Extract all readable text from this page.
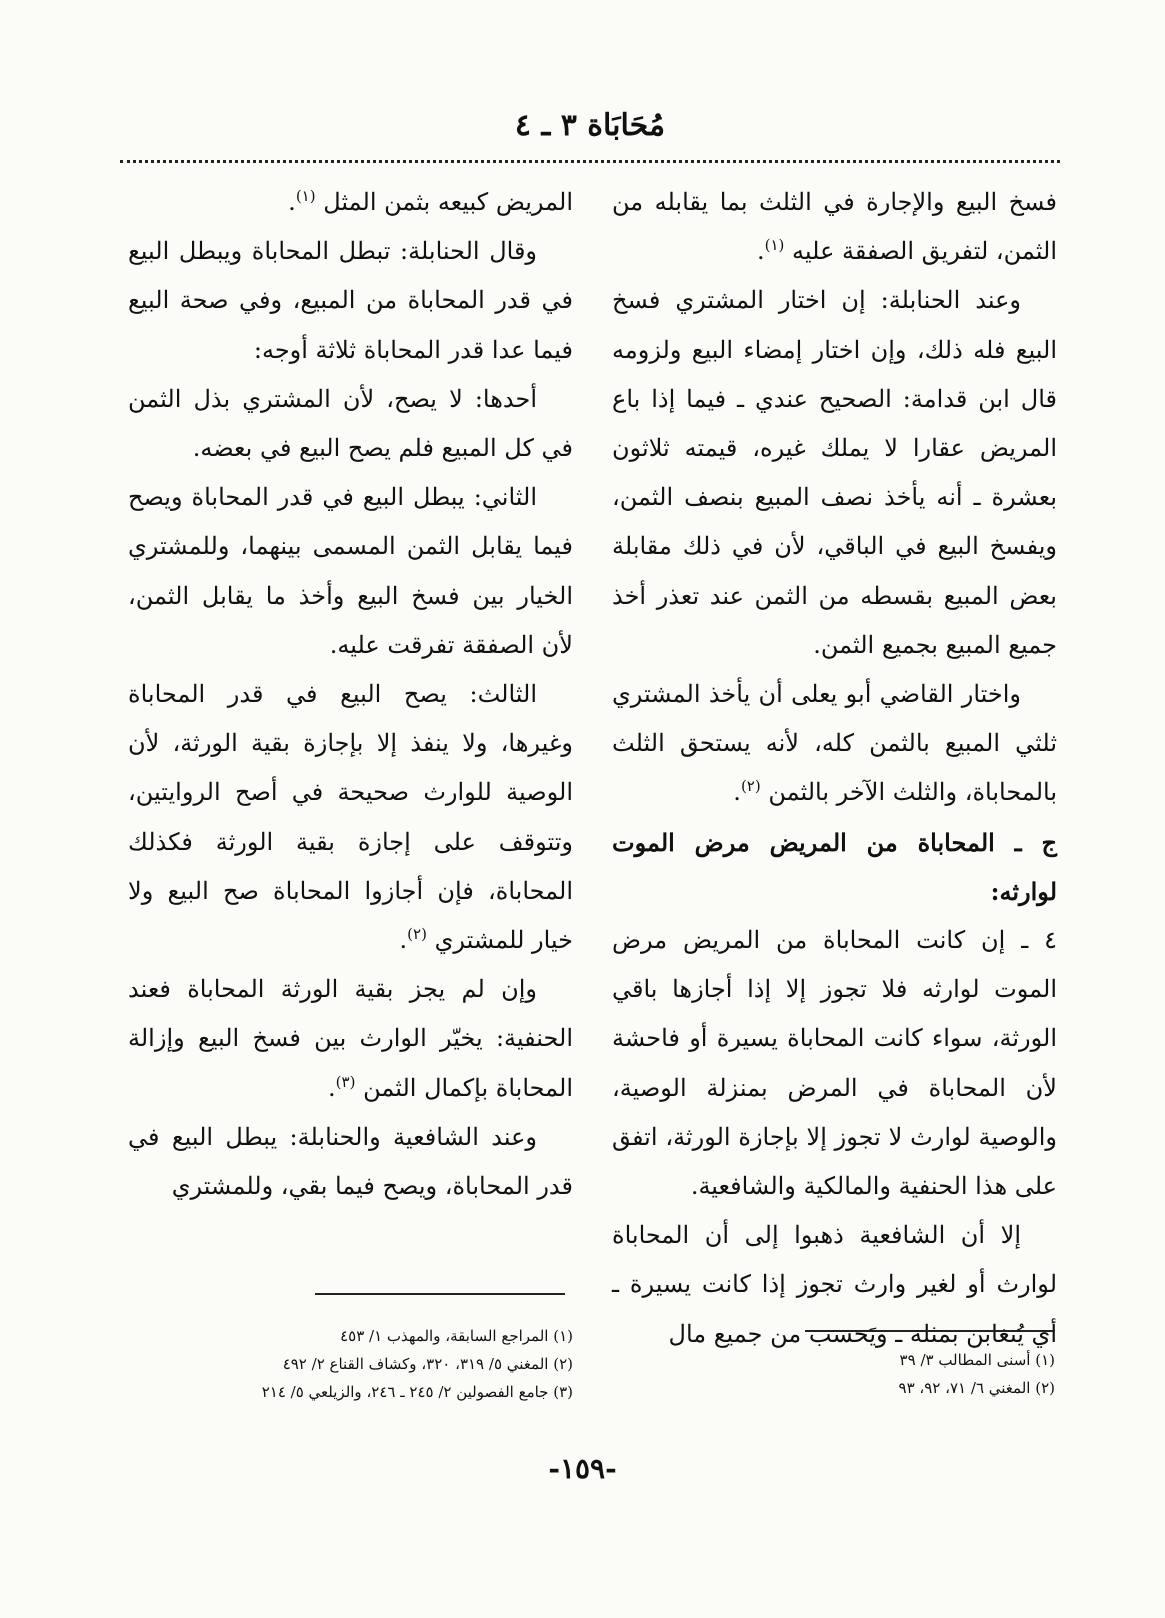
مُحَابَاة ٣ ـ ٤

فسخ البيع والإجارة في الثلث بما يقابله من الثمن، لتفريق الصفقة عليه $^{(١)}$.

وعند الحنابلة: إن اختار المشتري فسخ البيع فله ذلك، وإن اختار إمضاء البيع ولزومه قال ابن قدامة: الصحيح عندي ـ فيما إذا باع المريض عقارا لا يملك غيره، قيمته ثلاثون بعشرة ـ أنه يأخذ نصف المبيع بنصف الثمن، ويفسخ البيع في الباقي، لأن في ذلك مقابلة بعض المبيع بقسطه من الثمن عند تعذر أخذ جميع المبيع بجميع الثمن.

واختار القاضي أبو يعلى أن يأخذ المشتري ثلثي المبيع بالثمن كله، لأنه يستحق الثلث بالمحاباة، والثلث الآخر بالثمن $^{(٢)}$.

ج ـ المحاباة من المريض مرض الموت لوارثه:

٤ ـ إن كانت المحاباة من المريض مرض الموت لوارثه فلا تجوز إلا إذا أجازها باقي الورثة، سواء كانت المحاباة يسيرة أو فاحشة لأن المحاباة في المرض بمنزلة الوصية، والوصية لوارث لا تجوز إلا بإجازة الورثة، اتفق على هذا الحنفية والمالكية والشافعية.

إلا أن الشافعية ذهبوا إلى أن المحاباة لوارث أو لغير وارث تجوز إذا كانت يسيرة ـ أي يُتغابن بمثله ـ ويَحسب من جميع مال

المريض كبيعه بثمن المثل $^{(١)}$.

وقال الحنابلة: تبطل المحاباة ويبطل البيع في قدر المحاباة من المبيع، وفي صحة البيع فيما عدا قدر المحاباة ثلاثة أوجه:

أحدها: لا يصح، لأن المشتري بذل الثمن في كل المبيع فلم يصح البيع في بعضه.

الثاني: يبطل البيع في قدر المحاباة ويصح فيما يقابل الثمن المسمى بينهما، وللمشتري الخيار بين فسخ البيع وأخذ ما يقابل الثمن، لأن الصفقة تفرقت عليه.

الثالث: يصح البيع في قدر المحاباة وغيرها، ولا ينفذ إلا بإجازة بقية الورثة، لأن الوصية للوارث صحيحة في أصح الروايتين، وتتوقف على إجازة بقية الورثة فكذلك المحاباة، فإن أجازوا المحاباة صح البيع ولا خيار للمشتري $^{(٢)}$.

وإن لم يجز بقية الورثة المحاباة فعند الحنفية: يخيّر الوارث بين فسخ البيع وإزالة المحاباة بإكمال الثمن $^{(٣)}$.

وعند الشافعية والحنابلة: يبطل البيع في قدر المحاباة، ويصح فيما بقي، وللمشتري

(١) أسنى المطالب ٣/ ٣٩
(٢) المغني ٦/ ٧١، ٩٢، ٩٣
(١) المراجع السابقة، والمهذب ١/ ٤٥٣
(٢) المغني ٥/ ٣١٩، ٣٢٠، وكشاف القناع ٢/ ٤٩٢
(٣) جامع الفصولين ٢/ ٢٤٥ ـ ٢٤٦، والزيلعي ٥/ ٢١٤
-١٥٩-
